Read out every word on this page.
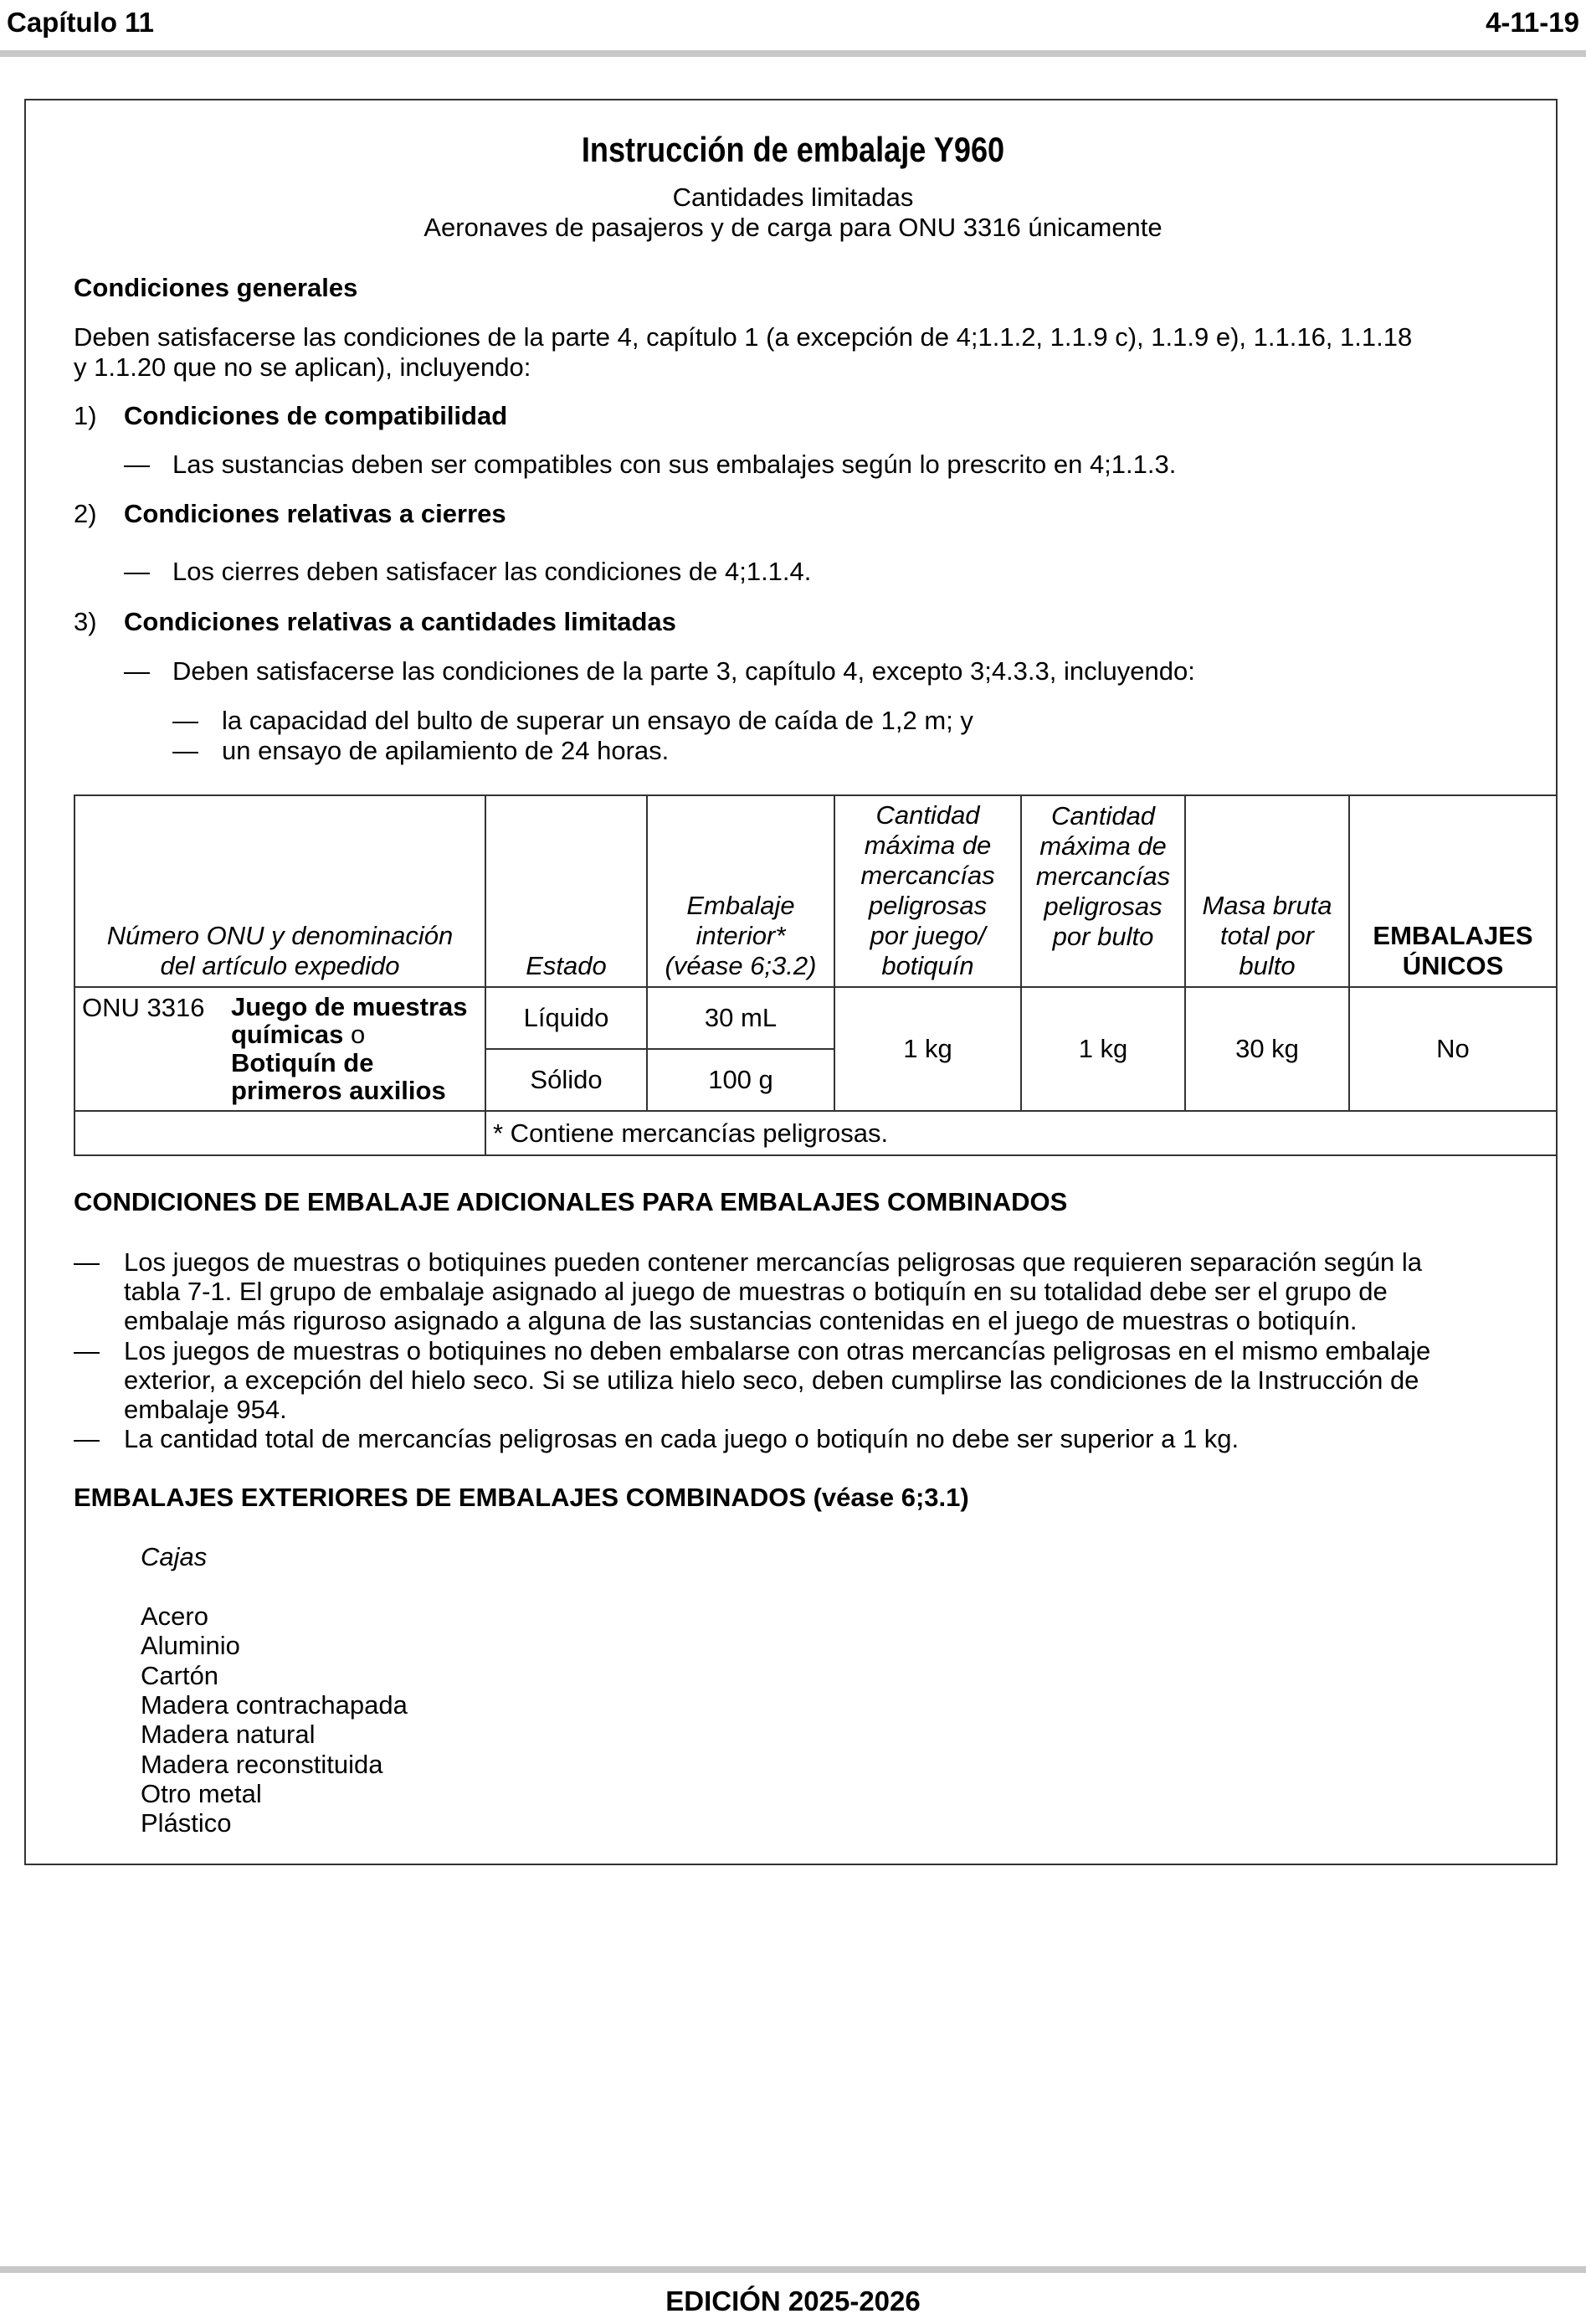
Capítulo 11	4-11-19
Instrucción de embalaje Y960
Cantidades limitadas
Aeronaves de pasajeros y de carga para ONU 3316 únicamente
Condiciones generales
Deben satisfacerse las condiciones de la parte 4, capítulo 1 (a excepción de 4;1.1.2, 1.1.9 c), 1.1.9 e), 1.1.16, 1.1.18
y 1.1.20 que no se aplican), incluyendo:
1) Condiciones de compatibilidad
— Las sustancias deben ser compatibles con sus embalajes según lo prescrito en 4;1.1.3.
2) Condiciones relativas a cierres
— Los cierres deben satisfacer las condiciones de 4;1.1.4.
3) Condiciones relativas a cantidades limitadas
— Deben satisfacerse las condiciones de la parte 3, capítulo 4, excepto 3;4.3.3, incluyendo:
— la capacidad del bulto de superar un ensayo de caída de 1,2 m; y
— un ensayo de apilamiento de 24 horas.
Número ONU y denominación del artículo expedido	Estado	Embalaje interior* (véase 6;3.2)	Cantidad máxima de mercancías peligrosas por juego/ botiquín	Cantidad máxima de mercancías peligrosas por bulto	Masa bruta total por bulto	EMBALAJES ÚNICOS

ONU 3316 Juego de muestras químicas o
Botiquín de primeros auxilios	Líquido	30 mL	1 kg	1 kg	30 kg	No
	Sólido	100 g				
	* Contiene mercancías peligrosas.					
CONDICIONES DE EMBALAJE ADICIONALES PARA EMBALAJES COMBINADOS
— Los juegos de muestras o botiquines pueden contener mercancías peligrosas que requieren separación según la
tabla 7-1. El grupo de embalaje asignado al juego de muestras o botiquín en su totalidad debe ser el grupo de
embalaje más riguroso asignado a alguna de las sustancias contenidas en el juego de muestras o botiquín.
— Los juegos de muestras o botiquines no deben embalarse con otras mercancías peligrosas en el mismo embalaje
exterior, a excepción del hielo seco. Si se utiliza hielo seco, deben cumplirse las condiciones de la Instrucción de
embalaje 954.
— La cantidad total de mercancías peligrosas en cada juego o botiquín no debe ser superior a 1 kg.
EMBALAJES EXTERIORES DE EMBALAJES COMBINADOS (véase 6;3.1)
Cajas
Acero
Aluminio
Cartón
Madera contrachapada
Madera natural
Madera reconstituida
Otro metal
Plástico
EDICIÓN 2025-2026
